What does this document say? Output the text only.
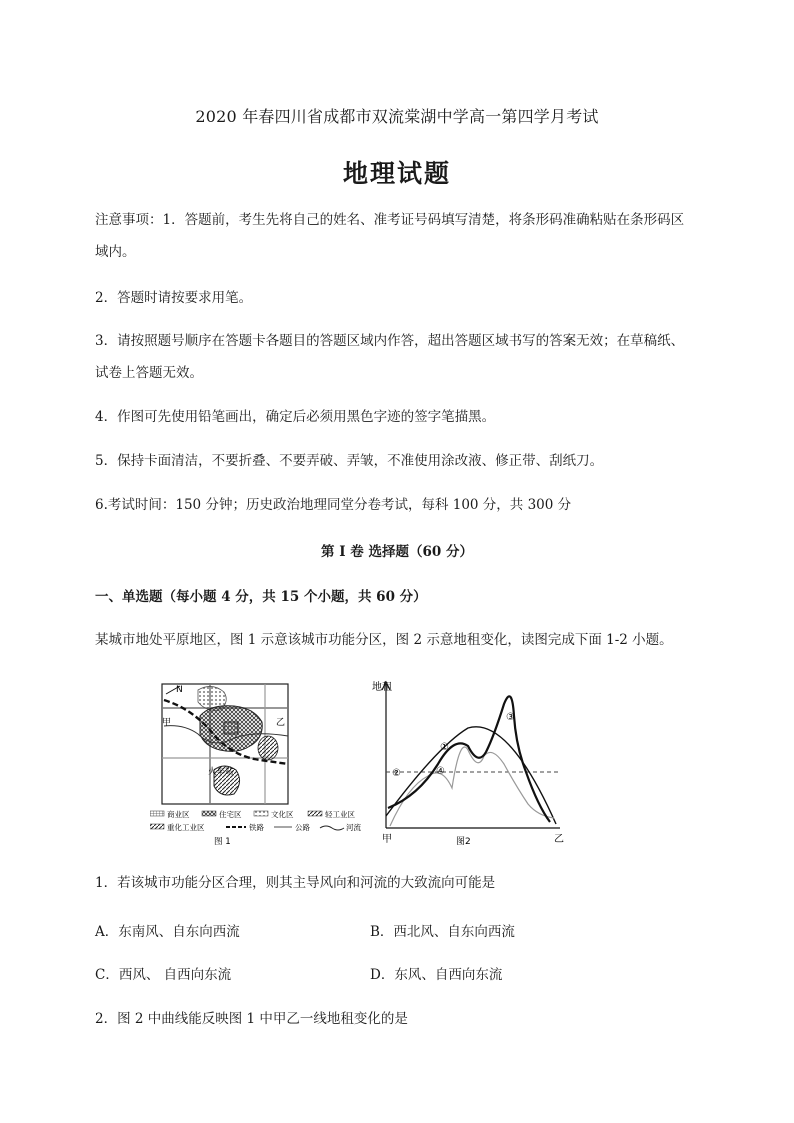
2020 年春四川省成都市双流棠湖中学高一第四学月考试
地理试题
注意事项：1．答题前，考生先将自己的姓名、准考证号码填写清楚，将条形码准确粘贴在条形码区
域内。
2．答题时请按要求用笔。
3．请按照题号顺序在答题卡各题目的答题区域内作答，超出答题区域书写的答案无效；在草稿纸、
试卷上答题无效。
4．作图可先使用铅笔画出，确定后必须用黑色字迹的签字笔描黑。
5．保持卡面清洁，不要折叠、不要弄破、弄皱，不准使用涂改液、修正带、刮纸刀。
6.考试时间：150 分钟；历史政治地理同堂分卷考试，每科 100 分，共 300 分
第 I 卷 选择题（60 分）
一、单选题（每小题 4 分，共 15 个小题，共 60 分）
某城市地处平原地区，图 1 示意该城市功能分区，图 2 示意地租变化，读图完成下面 1-2 小题。
N
甲	乙
火车站
商业区	住宅区	文化区	轻工业区
重化工业区	铁路	公路	河流
图 1
地租
甲	乙
图2
①
②
③
④
1．若该城市功能分区合理，则其主导风向和河流的大致流向可能是
A．东南风、自东向西流	B．西北风、自东向西流
C．西风、 自西向东流	D．东风、自西向东流
2．图 2 中曲线能反映图 1 中甲乙一线地租变化的是
